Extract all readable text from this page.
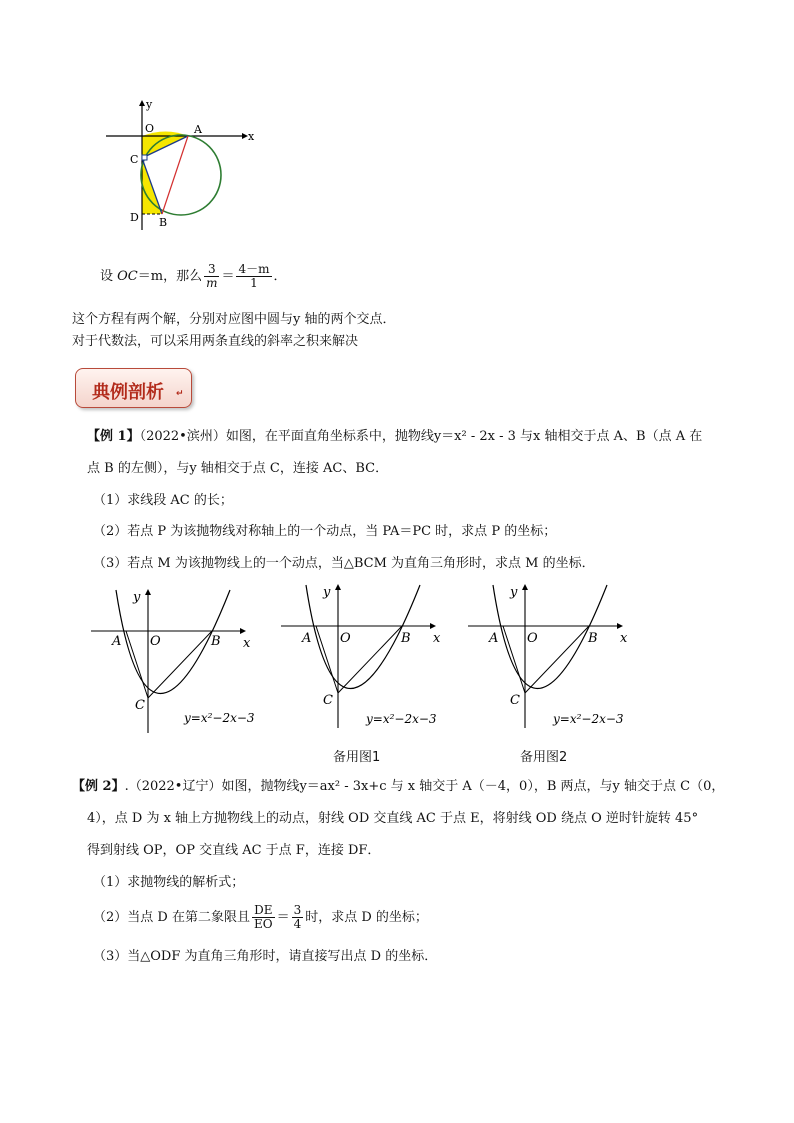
y
x
O	A
C
D B
设 OC＝m，那么 $\frac{3}{m} = \frac{4-m}{1}$ ．
这个方程有两个解，分别对应图中圆与y 轴的两个交点．
对于代数法，可以采用两条直线的斜率之积来解决
典例剖析 ↵
【例 1】（2022•滨州）如图，在平面直角坐标系中，抛物线y＝x² - 2x - 3 与x 轴相交于点 A、B（点 A 在
点 B 的左侧），与y 轴相交于点 C，连接 AC、BC．
（1）求线段 AC 的长；
（2）若点 P 为该抛物线对称轴上的一个动点，当 PA＝PC 时，求点 P 的坐标；
（3）若点 M 为该抛物线上的一个动点，当△BCM 为直角三角形时，求点 M 的坐标．
y
x
A O	B
C
y=x²−2x−3
y
x
A O	B
C
y=x²−2x−3
y
x
A O	B
C
y=x²−2x−3
备用图1	备用图2
【例 2】.（2022•辽宁）如图，抛物线y＝ax² - 3x+c 与 x 轴交于 A（－4，0），B 两点，与y 轴交于点 C（0，
4），点 D 为 x 轴上方抛物线上的动点，射线 OD 交直线 AC 于点 E，将射线 OD 绕点 O 逆时针旋转 45°
得到射线 OP，OP 交直线 AC 于点 F，连接 DF．
（1）求抛物线的解析式；
（2）当点 D 在第二象限且 $\frac{DE}{EO} = \frac{3}{4}$ 时，求点 D 的坐标；
（3）当△ODF 为直角三角形时，请直接写出点 D 的坐标．
